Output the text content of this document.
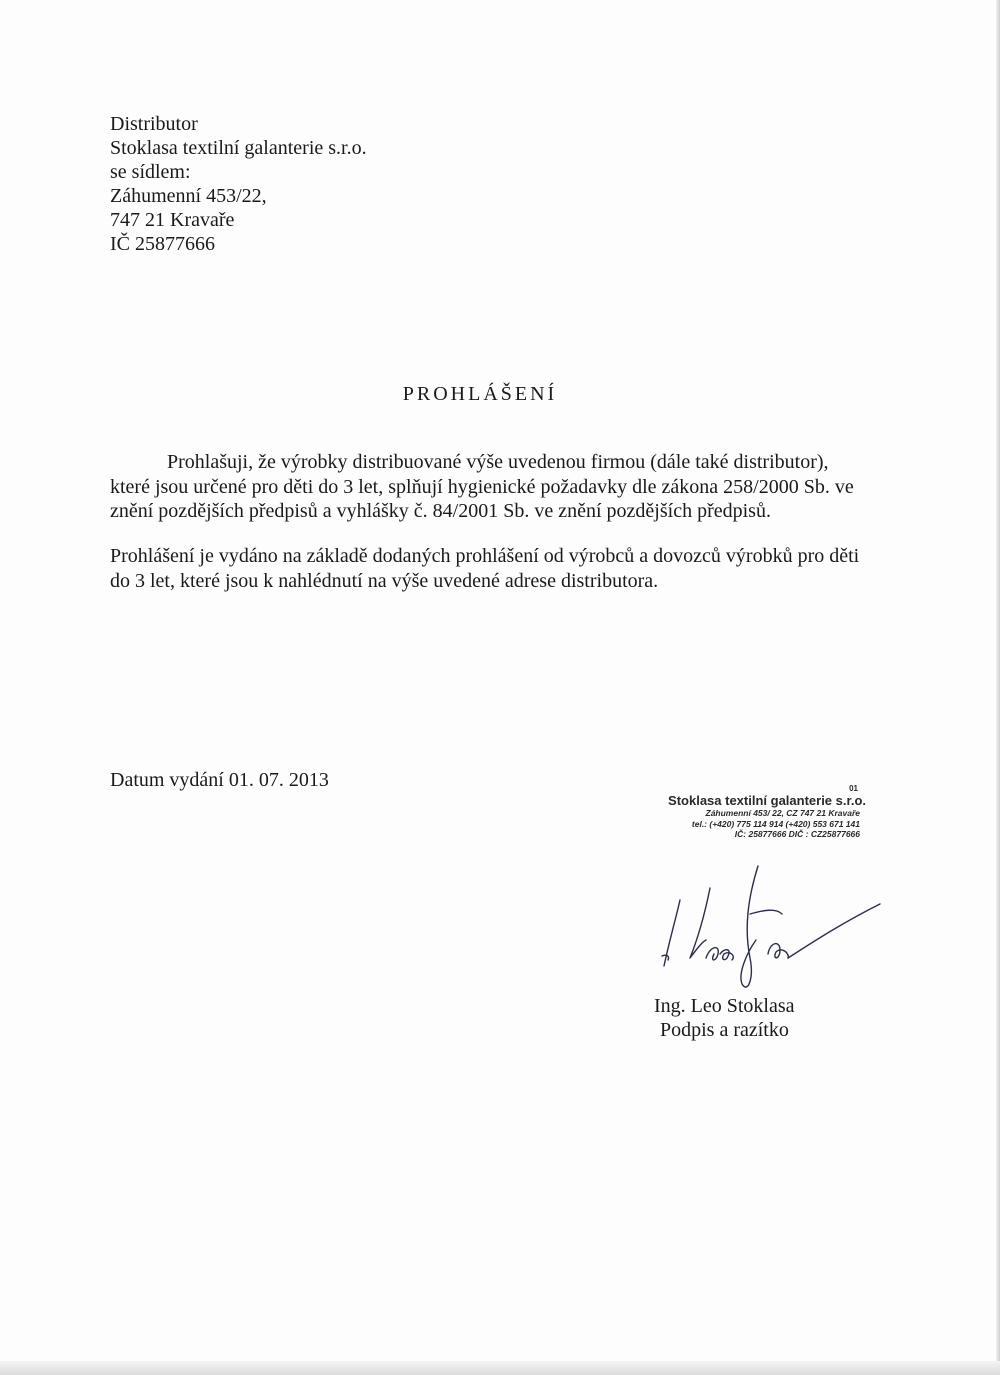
Distributor
Stoklasa textilní galanterie s.r.o.
se sídlem:
Záhumenní 453/22,
747 21 Kravaře
IČ 25877666
PROHLÁŠENÍ
Prohlašuji, že výrobky distribuované výše uvedenou firmou (dále také distributor),
které jsou určené pro děti do 3 let, splňují hygienické požadavky dle zákona 258/2000 Sb. ve
znění pozdějších předpisů a vyhlášky č. 84/2001 Sb. ve znění pozdějších předpisů.
Prohlášení je vydáno na základě dodaných prohlášení od výrobců a dovozců výrobků pro děti
do 3 let, které jsou k nahlédnutí na výše uvedené adrese distributora.
Datum vydání 01. 07. 2013	01
Stoklasa textilní galanterie s.r.o.
Záhumenní 453/ 22, CZ 747 21 Kravaře
tel.: (+420) 775 114 914 (+420) 553 671 141
IČ: 25877666 DIČ : CZ25877666
Ing. Leo Stoklasa
Podpis a razítko
